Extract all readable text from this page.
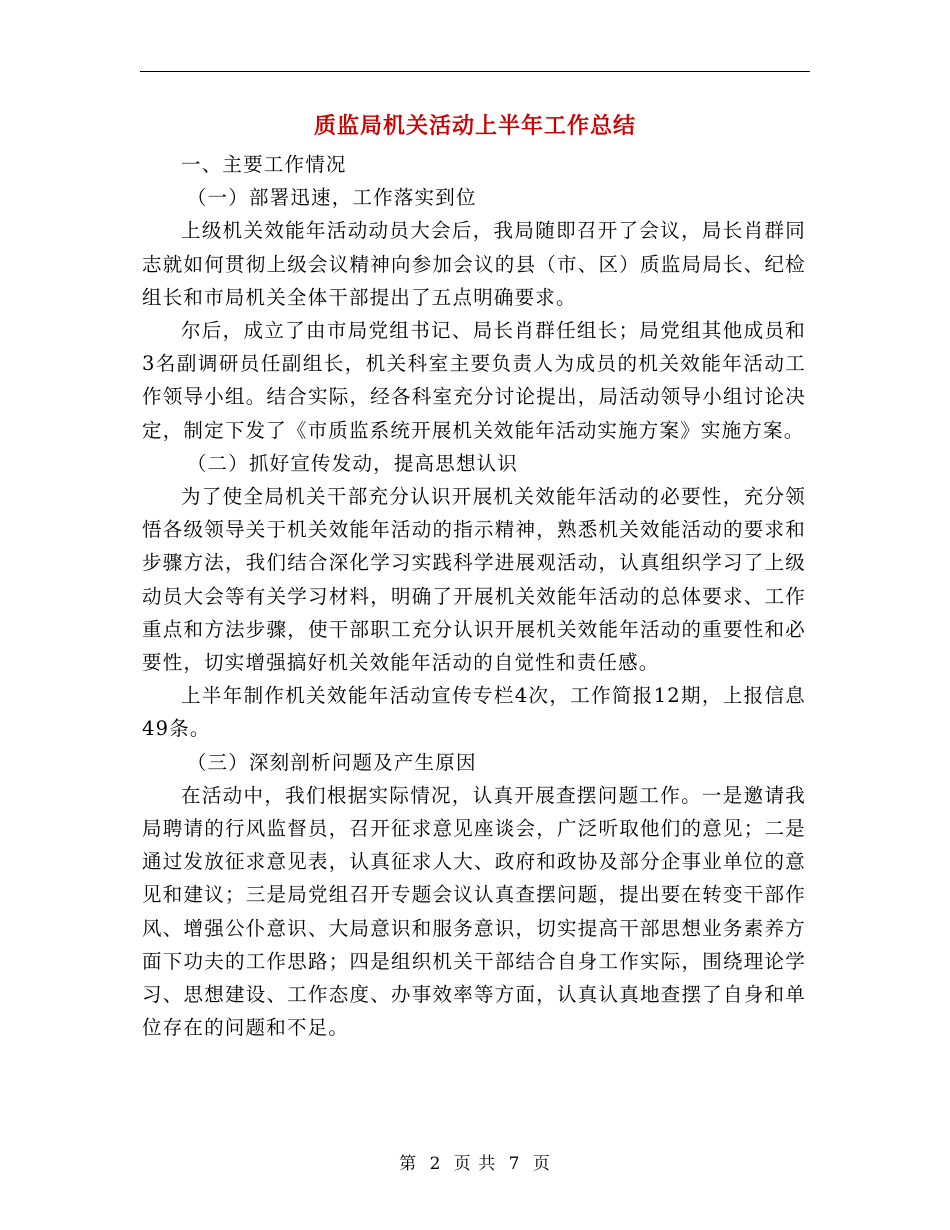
质监局机关活动上半年工作总结

一、主要工作情况

（一）部署迅速，工作落实到位

上级机关效能年活动动员大会后，我局随即召开了会议，局长肖群同志就如何贯彻上级会议精神向参加会议的县（市、区）质监局局长、纪检组长和市局机关全体干部提出了五点明确要求。

尔后，成立了由市局党组书记、局长肖群任组长；局党组其他成员和3名副调研员任副组长，机关科室主要负责人为成员的机关效能年活动工作领导小组。结合实际，经各科室充分讨论提出，局活动领导小组讨论决定，制定下发了《市质监系统开展机关效能年活动实施方案》实施方案。

（二）抓好宣传发动，提高思想认识

为了使全局机关干部充分认识开展机关效能年活动的必要性，充分领悟各级领导关于机关效能年活动的指示精神，熟悉机关效能活动的要求和步骤方法，我们结合深化学习实践科学进展观活动，认真组织学习了上级动员大会等有关学习材料，明确了开展机关效能年活动的总体要求、工作重点和方法步骤，使干部职工充分认识开展机关效能年活动的重要性和必要性，切实增强搞好机关效能年活动的自觉性和责任感。

上半年制作机关效能年活动宣传专栏4次，工作简报12期，上报信息49条。

（三）深刻剖析问题及产生原因

在活动中，我们根据实际情况，认真开展查摆问题工作。一是邀请我局聘请的行风监督员，召开征求意见座谈会，广泛听取他们的意见；二是通过发放征求意见表，认真征求人大、政府和政协及部分企事业单位的意见和建议；三是局党组召开专题会议认真查摆问题，提出要在转变干部作风、增强公仆意识、大局意识和服务意识，切实提高干部思想业务素养方面下功夫的工作思路；四是组织机关干部结合自身工作实际，围绕理论学习、思想建设、工作态度、办事效率等方面，认真认真地查摆了自身和单位存在的问题和不足。

第 2 页 共 7 页
